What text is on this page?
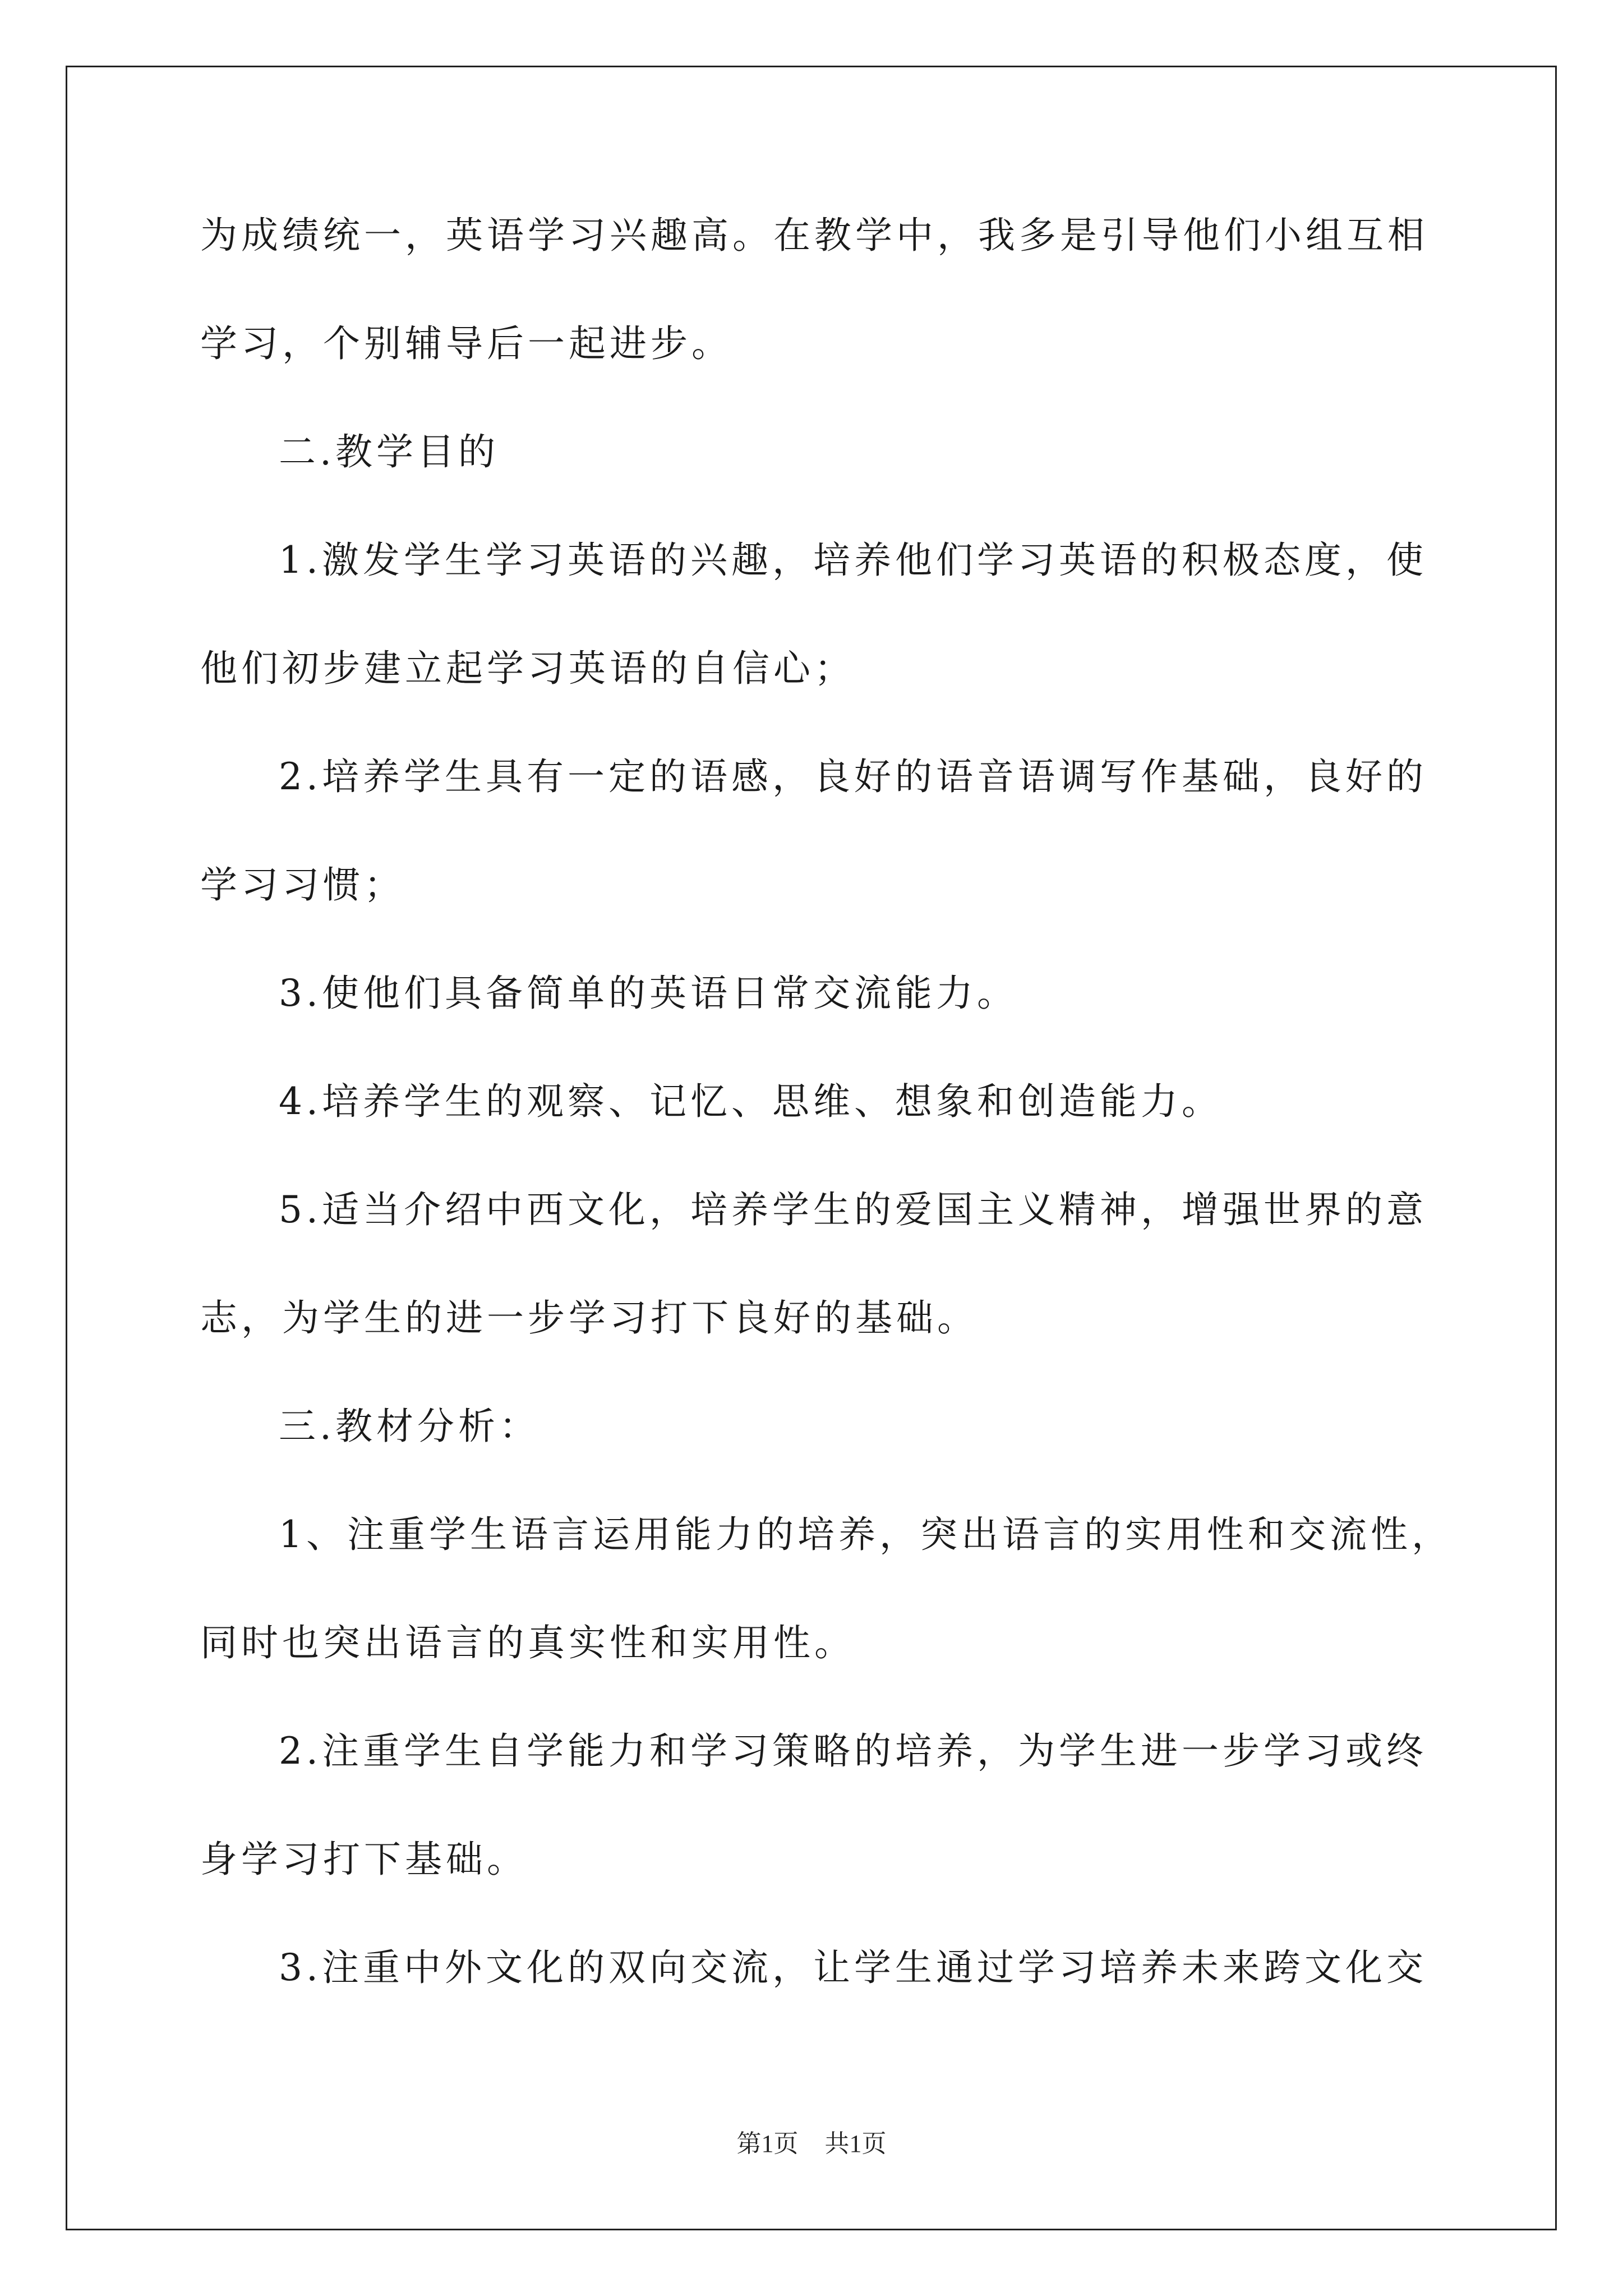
为成绩统一，英语学习兴趣高。在教学中，我多是引导他们小组互相
学习，个别辅导后一起进步。
二.教学目的
1.激发学生学习英语的兴趣，培养他们学习英语的积极态度，使
他们初步建立起学习英语的自信心；
2.培养学生具有一定的语感，良好的语音语调写作基础，良好的
学习习惯；
3.使他们具备简单的英语日常交流能力。
4.培养学生的观察、记忆、思维、想象和创造能力。
5.适当介绍中西文化，培养学生的爱国主义精神，增强世界的意
志，为学生的进一步学习打下良好的基础。
三.教材分析：
1、注重学生语言运用能力的培养，突出语言的实用性和交流性，
同时也突出语言的真实性和实用性。
2.注重学生自学能力和学习策略的培养，为学生进一步学习或终
身学习打下基础。
3.注重中外文化的双向交流，让学生通过学习培养未来跨文化交
第1页 共1页
